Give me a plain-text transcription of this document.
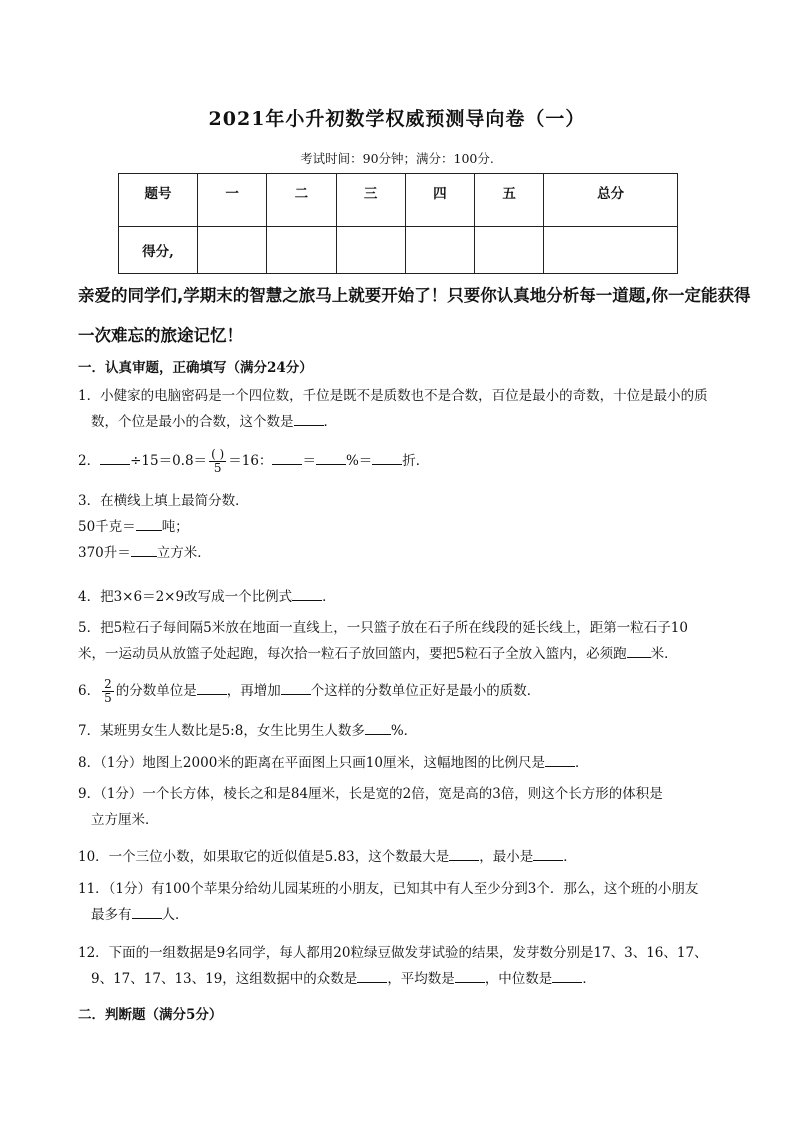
2021年小升初数学权威预测导向卷（一）
考试时间：90分钟；满分：100分.
题号	一	二	三	四	五	总分
得分,						
亲爱的同学们,学期末的智慧之旅马上就要开始了！只要你认真地分析每一道题,你一定能获得一次难忘的旅途记忆！
一．认真审题，正确填写（满分24分）
1．小健家的电脑密码是一个四位数，千位是既不是质数也不是合数，百位是最小的奇数，十位是最小的质
数，个位是最小的合数，这个数是 ．
2． $\div 15=0.8= \frac{( )}{5} =16$： ＝ %＝ 折．
3．在横线上填上最简分数．
50千克＝ 吨；
370升＝ 立方米．
4．把3×6＝2×9改写成一个比例式 ．
5．把5粒石子每间隔5米放在地面一直线上，一只篮子放在石子所在线段的延长线上，距第一粒石子10
米，一运动员从放篮子处起跑，每次拾一粒石子放回篮内，要把5粒石子全放入篮内，必须跑 米．
6． $\frac{2}{5}$ 的分数单位是 ，再增加 个这样的分数单位正好是最小的质数．
7．某班男女生人数比是5:8，女生比男生人数多 %．
8．（1分）地图上2000米的距离在平面图上只画10厘米，这幅地图的比例尺是 ．
9．（1分）一个长方体，棱长之和是84厘米，长是宽的2倍，宽是高的3倍，则这个长方形的体积是
立方厘米．
10．一个三位小数，如果取它的近似值是5.83，这个数最大是 ，最小是 ．
11．（1分）有100个苹果分给幼儿园某班的小朋友，已知其中有人至少分到3个．那么，这个班的小朋友
最多有 人．
12．下面的一组数据是9名同学，每人都用20粒绿豆做发芽试验的结果，发芽数分别是17、3、16、17、
9、17、17、13、19，这组数据中的众数是 ，平均数是 ，中位数是 ．
二．判断题（满分5分）
